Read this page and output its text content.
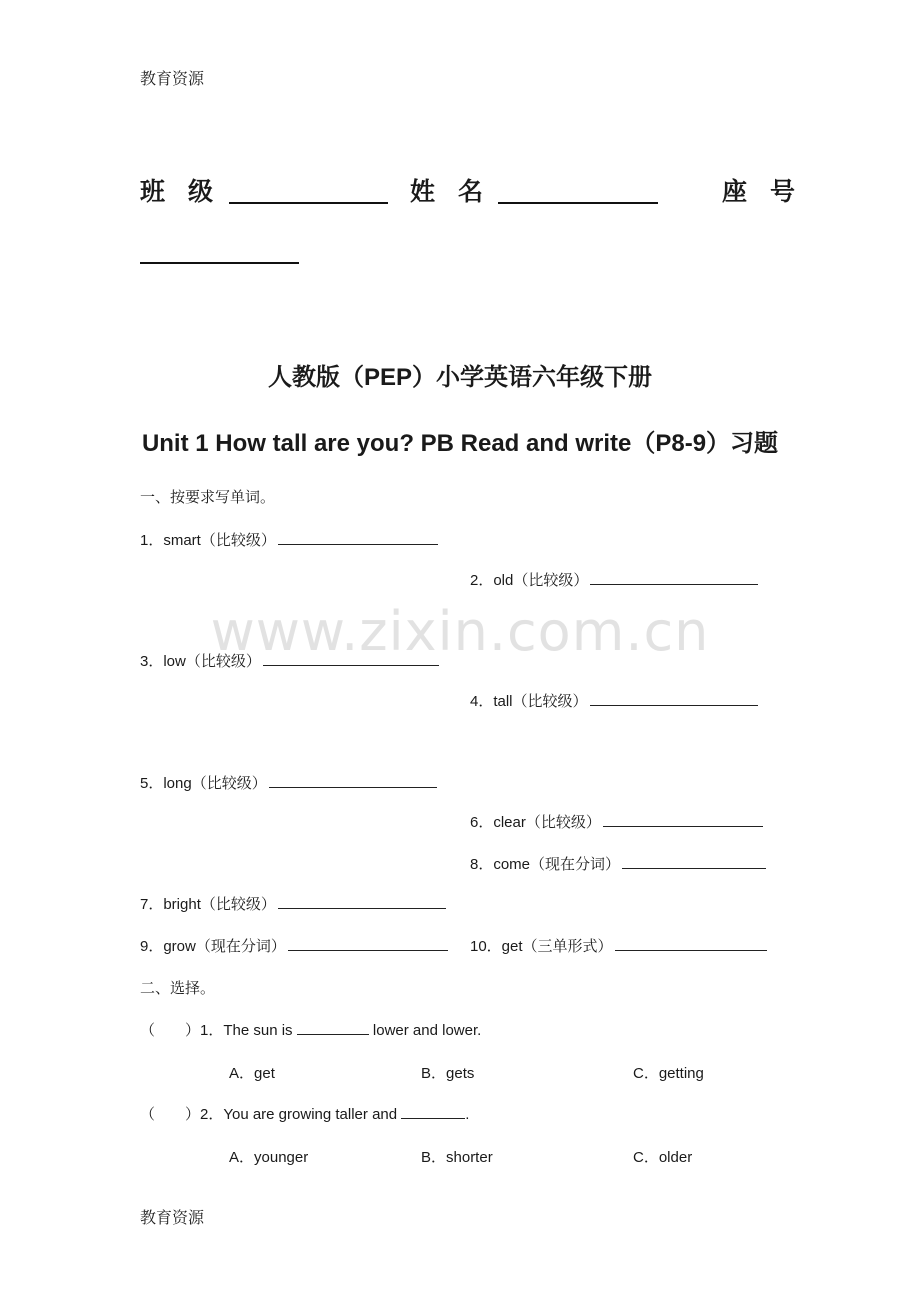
教育资源
班 级	姓 名	座 号
人教版（PEP）小学英语六年级下册
Unit 1 How tall are you? PB Read and write（P8-9）习题
www.zixin.com.cn
一、按要求写单词。
1．smart（比较级）
2．old（比较级）
3．low（比较级）
4．tall（比较级）
5．long（比较级）
6．clear（比较级）
8．come（现在分词）
7．bright（比较级）
9．grow（现在分词）	10．get（三单形式）
二、选择。
（　　）1．The sun is	lower and lower.
A．get	B．gets	C．getting
（　　）2．You are growing taller and	.
A．younger	B．shorter	C．older
教育资源
